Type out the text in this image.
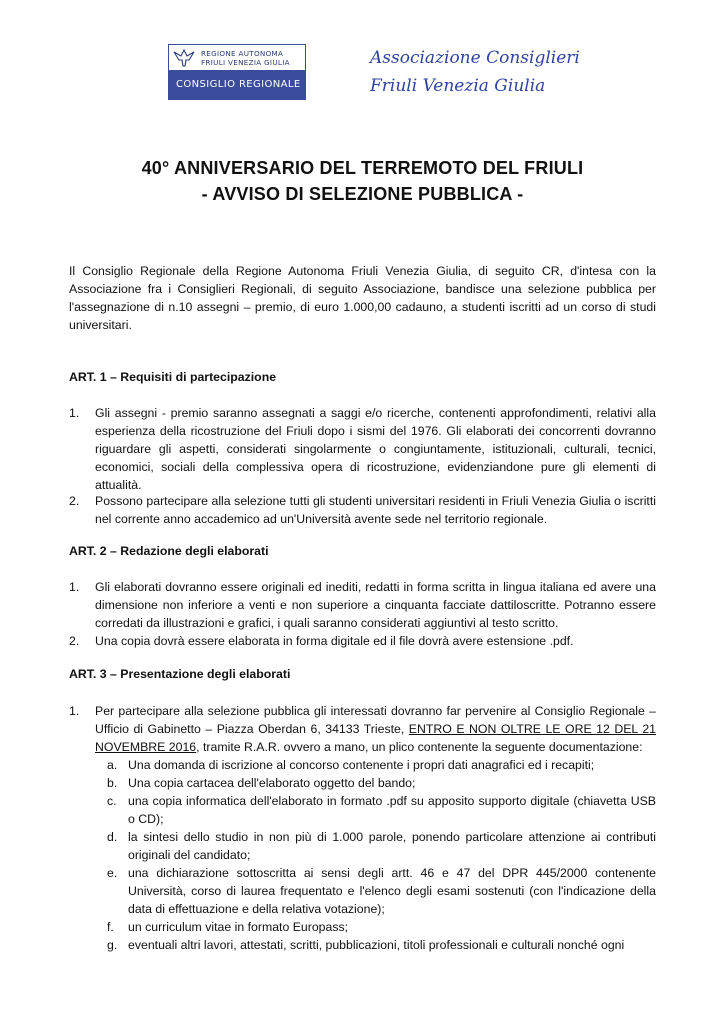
REGIONE AUTONOMA
FRIULI VENEZIA GIULIA
CONSIGLIO REGIONALE
Associazione Consiglieri
Friuli Venezia Giulia
40° ANNIVERSARIO DEL TERREMOTO DEL FRIULI
- AVVISO DI SELEZIONE PUBBLICA -
Il Consiglio Regionale della Regione Autonoma Friuli Venezia Giulia, di seguito CR, d'intesa con la Associazione fra i Consiglieri Regionali, di seguito Associazione, bandisce una selezione pubblica per l'assegnazione di n.10 assegni – premio, di euro 1.000,00 cadauno, a studenti iscritti ad un corso di studi universitari.
ART. 1 – Requisiti di partecipazione
1. Gli assegni - premio saranno assegnati a saggi e/o ricerche, contenenti approfondimenti, relativi alla esperienza della ricostruzione del Friuli dopo i sismi del 1976. Gli elaborati dei concorrenti dovranno riguardare gli aspetti, considerati singolarmente o congiuntamente, istituzionali, culturali, tecnici, economici, sociali della complessiva opera di ricostruzione, evidenziandone pure gli elementi di attualità.
2. Possono partecipare alla selezione tutti gli studenti universitari residenti in Friuli Venezia Giulia o iscritti nel corrente anno accademico ad un'Università avente sede nel territorio regionale.
ART. 2 – Redazione degli elaborati
1. Gli elaborati dovranno essere originali ed inediti, redatti in forma scritta in lingua italiana ed avere una dimensione non inferiore a venti e non superiore a cinquanta facciate dattiloscritte. Potranno essere corredati da illustrazioni e grafici, i quali saranno considerati aggiuntivi al testo scritto.
2. Una copia dovrà essere elaborata in forma digitale ed il file dovrà avere estensione .pdf.
ART. 3 – Presentazione degli elaborati
1. Per partecipare alla selezione pubblica gli interessati dovranno far pervenire al Consiglio Regionale – Ufficio di Gabinetto – Piazza Oberdan 6, 34133 Trieste, ENTRO E NON OLTRE LE ORE 12 DEL 21 NOVEMBRE 2016, tramite R.A.R. ovvero a mano, un plico contenente la seguente documentazione:
a. Una domanda di iscrizione al concorso contenente i propri dati anagrafici ed i recapiti;
b. Una copia cartacea dell'elaborato oggetto del bando;
c. una copia informatica dell'elaborato in formato .pdf su apposito supporto digitale (chiavetta USB o CD);
d. la sintesi dello studio in non più di 1.000 parole, ponendo particolare attenzione ai contributi originali del candidato;
e. una dichiarazione sottoscritta ai sensi degli artt. 46 e 47 del DPR 445/2000 contenente Università, corso di laurea frequentato e l'elenco degli esami sostenuti (con l'indicazione della data di effettuazione e della relativa votazione);
f. un curriculum vitae in formato Europass;
g. eventuali altri lavori, attestati, scritti, pubblicazioni, titoli professionali e culturali nonché ogni
